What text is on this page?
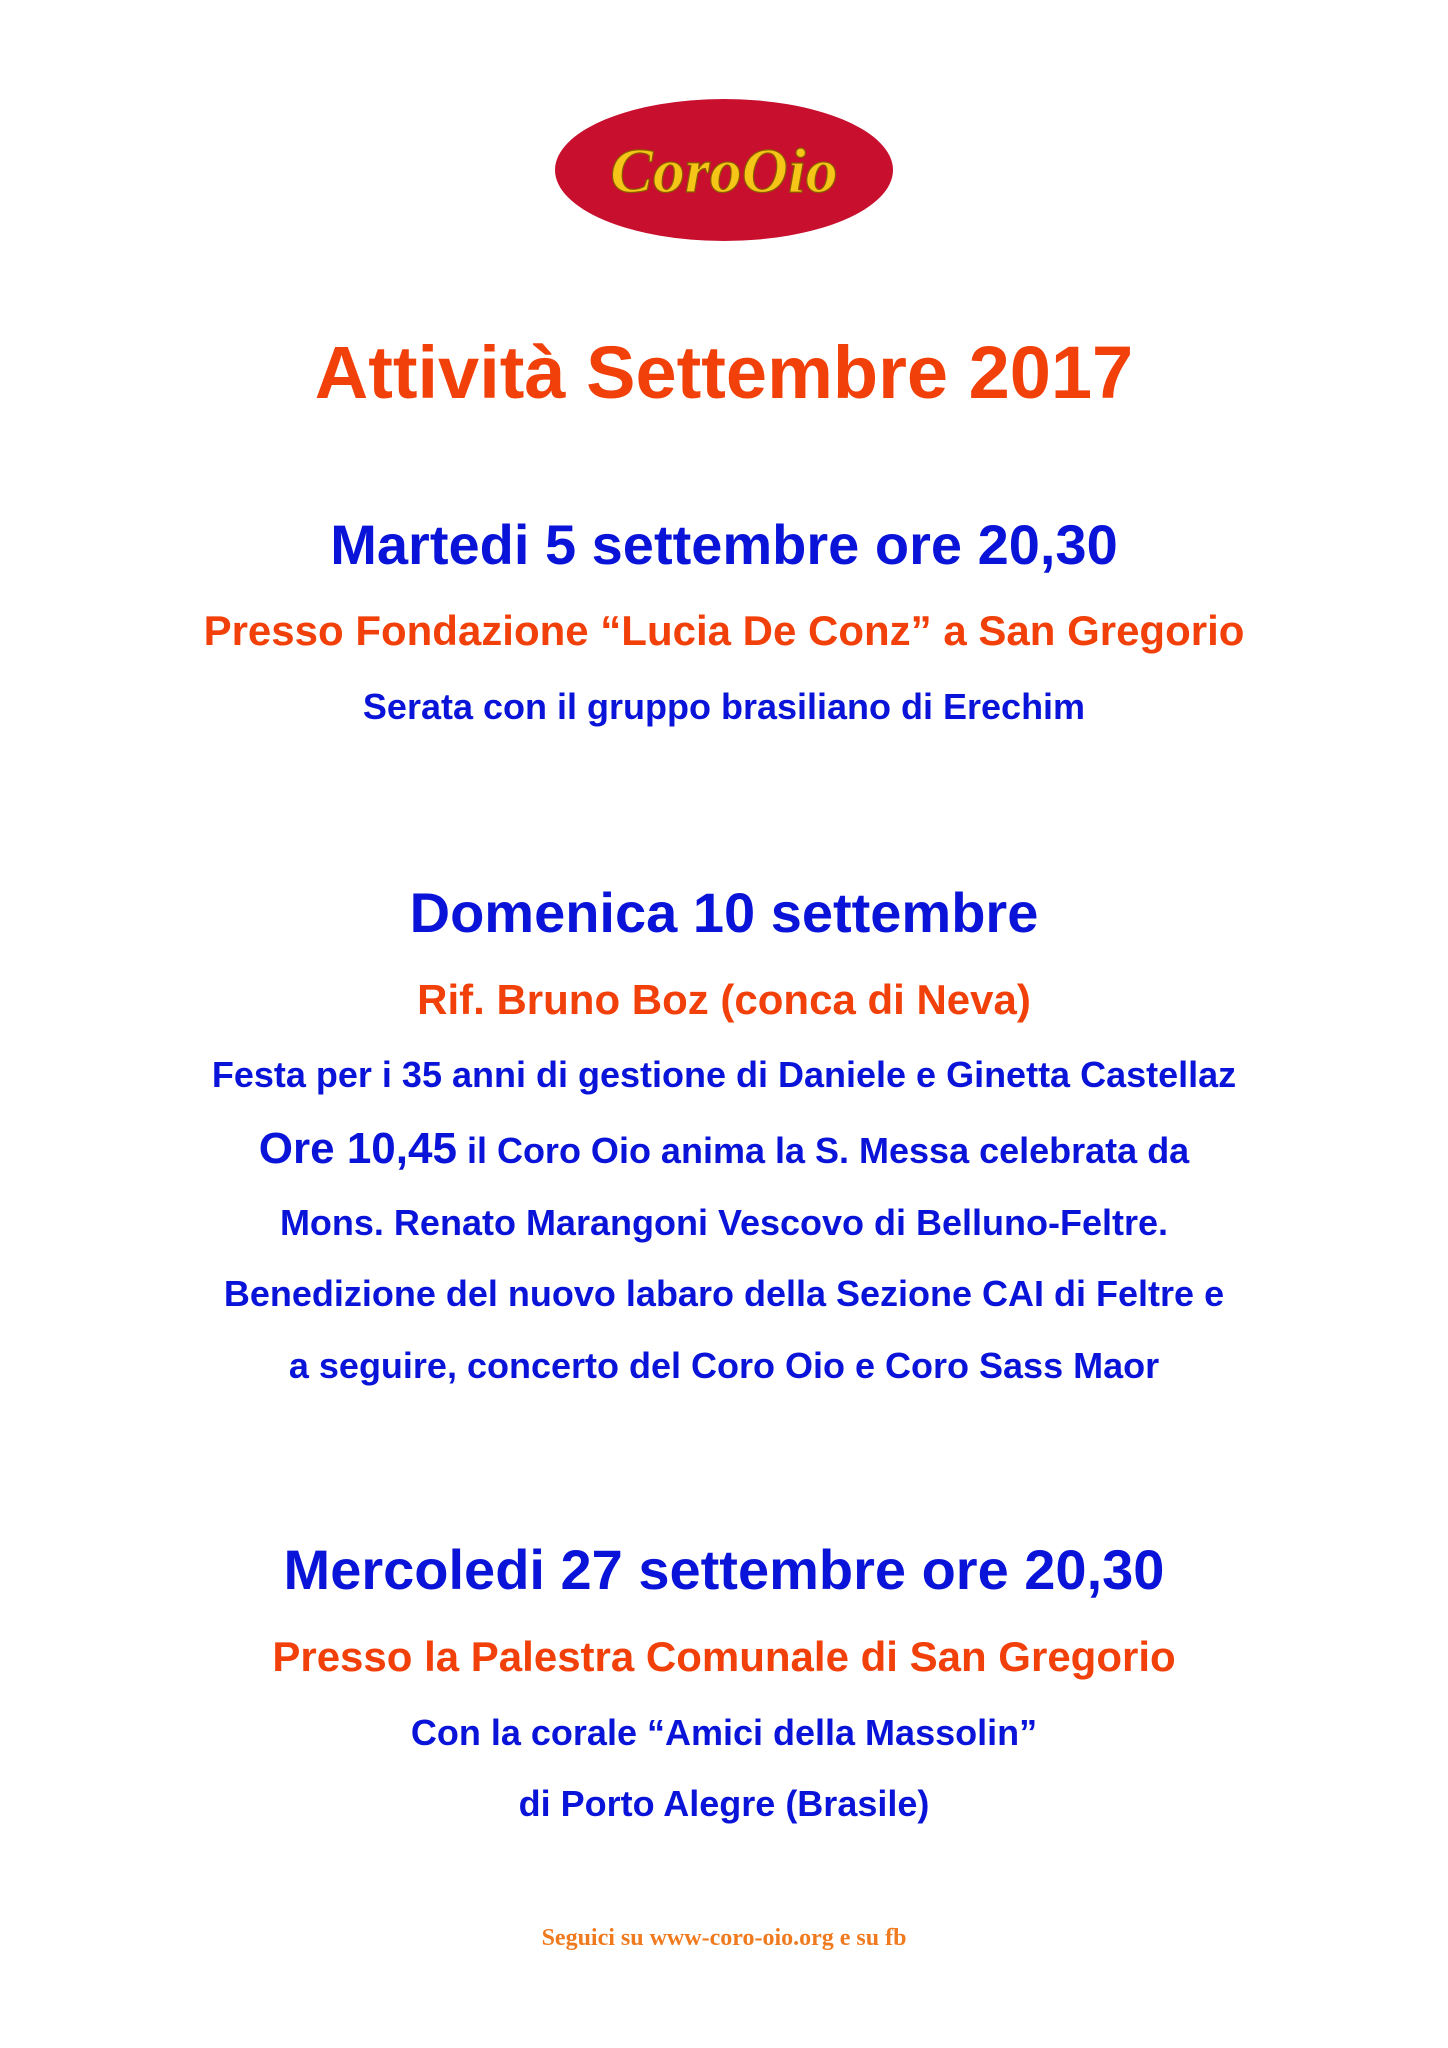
CoroOio
Attività Settembre 2017
Martedi 5 settembre ore 20,30
Presso Fondazione “Lucia De Conz” a San Gregorio
Serata con il gruppo brasiliano di Erechim
Domenica 10 settembre
Rif. Bruno Boz (conca di Neva)
Festa per i 35 anni di gestione di Daniele e Ginetta Castellaz
Ore 10,45 il Coro Oio anima la S. Messa celebrata da
Mons. Renato Marangoni Vescovo di Belluno-Feltre.
Benedizione del nuovo labaro della Sezione CAI di Feltre e
a seguire, concerto del Coro Oio e Coro Sass Maor
Mercoledi 27 settembre ore 20,30
Presso la Palestra Comunale di San Gregorio
Con la corale “Amici della Massolin”
di Porto Alegre (Brasile)
Seguici su www-coro-oio.org e su fb
